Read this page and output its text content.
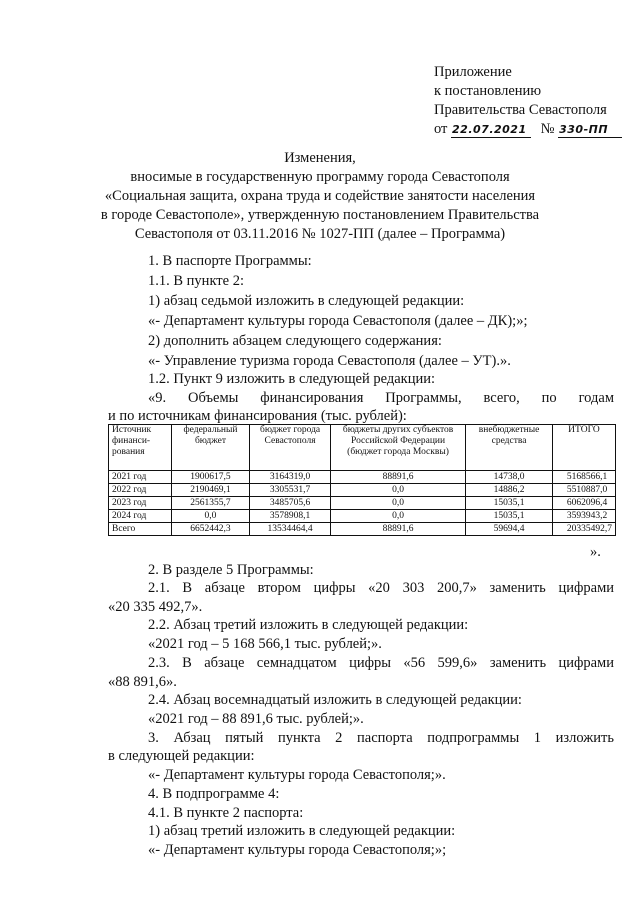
Приложение
к постановлению
Правительства Севастополя
от 22.07.2021 № 330-ПП
Изменения,
вносимые в государственную программу города Севастополя
«Социальная защита, охрана труда и содействие занятости населения
в городе Севастополе», утвержденную постановлением Правительства
Севастополя от 03.11.2016 № 1027-ПП (далее – Программа)
1. В паспорте Программы:
1.1. В пункте 2:
1) абзац седьмой изложить в следующей редакции:
«- Департамент культуры города Севастополя (далее – ДК);»;
2) дополнить абзацем следующего содержания:
«- Управление туризма города Севастополя (далее – УТ).».
1.2. Пункт 9 изложить в следующей редакции:
«9. Объемы финансирования Программы, всего, по годам
и по источникам финансирования (тыс. рублей):
Источник финанси-рования	федеральный бюджет	бюджет города Севастополя	бюджеты других субъектов Российской Федерации (бюджет города Москвы)	внебюджетные средства	ИТОГО
2021 год	1900617,5	3164319,0	88891,6	14738,0	5168566,1
2022 год	2190469,1	3305531,7	0,0	14886,2	5510887,0
2023 год	2561355,7	3485705,6	0,0	15035,1	6062096,4
2024 год	0,0	3578908,1	0,0	15035,1	3593943,2
Всего	6652442,3	13534464,4	88891,6	59694,4	20335492,7
».
2. В разделе 5 Программы:
2.1. В абзаце втором цифры «20 303 200,7» заменить цифрами
«20 335 492,7».
2.2. Абзац третий изложить в следующей редакции:
«2021 год – 5 168 566,1 тыс. рублей;».
2.3. В абзаце семнадцатом цифры «56 599,6» заменить цифрами
«88 891,6».
2.4. Абзац восемнадцатый изложить в следующей редакции:
«2021 год – 88 891,6 тыс. рублей;».
3. Абзац пятый пункта 2 паспорта подпрограммы 1 изложить
в следующей редакции:
«- Департамент культуры города Севастополя;».
4. В подпрограмме 4:
4.1. В пункте 2 паспорта:
1) абзац третий изложить в следующей редакции:
«- Департамент культуры города Севастополя;»;
